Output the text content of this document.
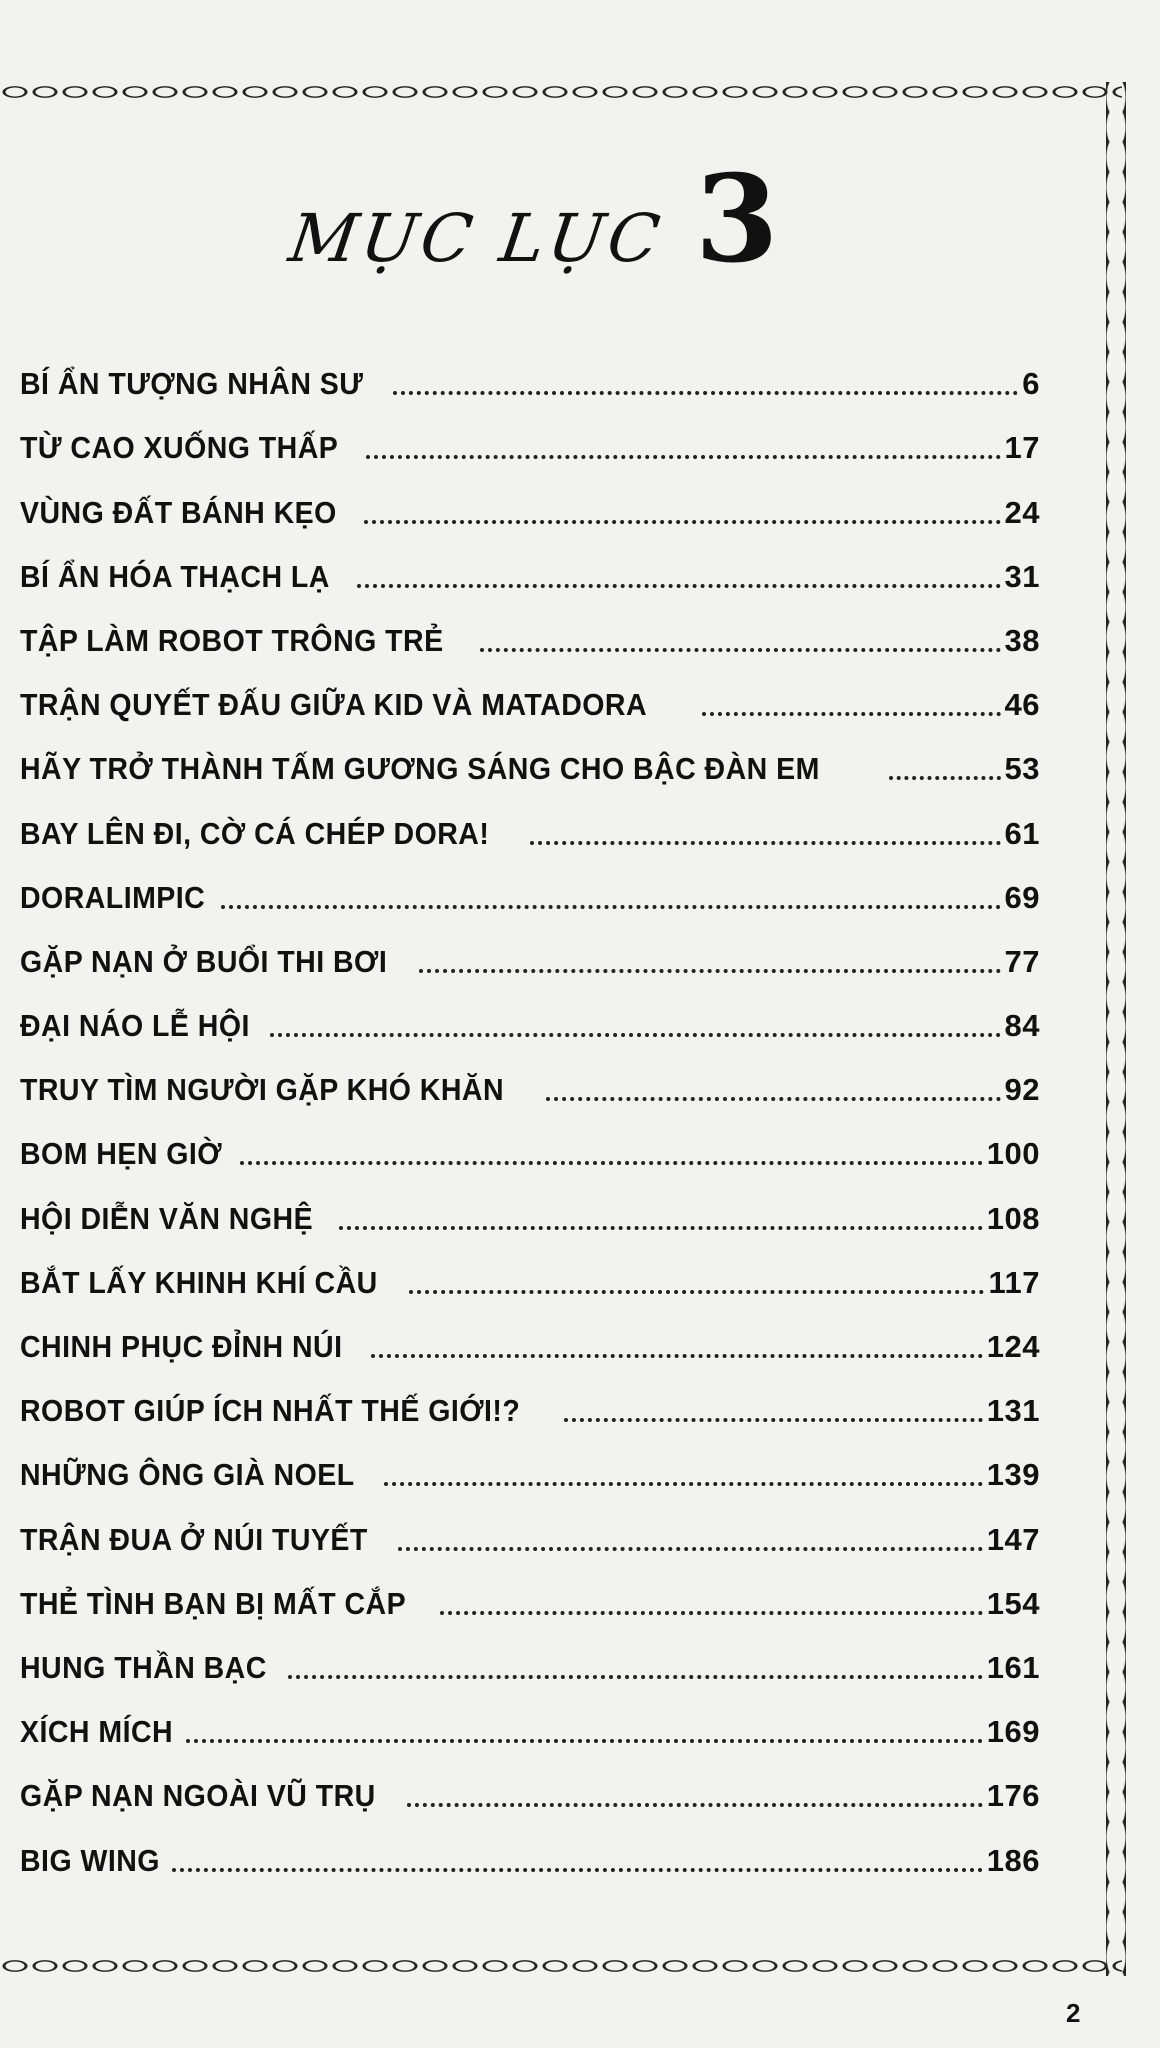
MỤC LỤC 3
BÍ ẨN TƯỢNG NHÂN SƯ	6
TỪ CAO XUỐNG THẤP	17
VÙNG ĐẤT BÁNH KẸO	24
BÍ ẨN HÓA THẠCH LẠ	31
TẬP LÀM ROBOT TRÔNG TRẺ	38
TRẬN QUYẾT ĐẤU GIỮA KID VÀ MATADORA	46
HÃY TRỞ THÀNH TẤM GƯƠNG SÁNG CHO BẬC ĐÀN EM	53
BAY LÊN ĐI, CỜ CÁ CHÉP DORA!	61
DORALIMPIC	69
GẶP NẠN Ở BUỔI THI BƠI	77
ĐẠI NÁO LỄ HỘI	84
TRUY TÌM NGƯỜI GẶP KHÓ KHĂN	92
BOM HẸN GIỜ	100
HỘI DIỄN VĂN NGHỆ	108
BẮT LẤY KHINH KHÍ CẦU	117
CHINH PHỤC ĐỈNH NÚI	124
ROBOT GIÚP ÍCH NHẤT THẾ GIỚI!?	131
NHỮNG ÔNG GIÀ NOEL	139
TRẬN ĐUA Ở NÚI TUYẾT	147
THẺ TÌNH BẠN BỊ MẤT CẮP	154
HUNG THẦN BẠC	161
XÍCH MÍCH	169
GẶP NẠN NGOÀI VŨ TRỤ	176
BIG WING	186
2
